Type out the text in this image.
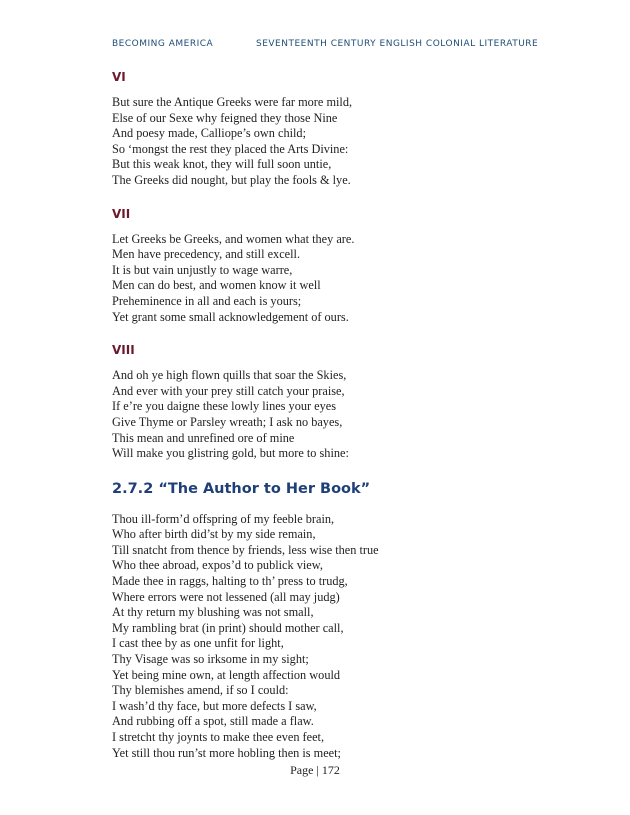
BECOMING AMERICA	SEVENTEENTH CENTURY ENGLISH COLONIAL LITERATURE
VI
But sure the Antique Greeks were far more mild,
Else of our Sexe why feigned they those Nine
And poesy made, Calliope’s own child;
So ‘mongst the rest they placed the Arts Divine:
But this weak knot, they will full soon untie,
The Greeks did nought, but play the fools & lye.
VII
Let Greeks be Greeks, and women what they are.
Men have precedency, and still excell.
It is but vain unjustly to wage warre,
Men can do best, and women know it well
Preheminence in all and each is yours;
Yet grant some small acknowledgement of ours.
VIII
And oh ye high flown quills that soar the Skies,
And ever with your prey still catch your praise,
If e’re you daigne these lowly lines your eyes
Give Thyme or Parsley wreath; I ask no bayes,
This mean and unrefined ore of mine
Will make you glistring gold, but more to shine:
2.7.2 “The Author to Her Book”
Thou ill-form’d offspring of my feeble brain,
Who after birth did’st by my side remain,
Till snatcht from thence by friends, less wise then true
Who thee abroad, expos’d to publick view,
Made thee in raggs, halting to th’ press to trudg,
Where errors were not lessened (all may judg)
At thy return my blushing was not small,
My rambling brat (in print) should mother call,
I cast thee by as one unfit for light,
Thy Visage was so irksome in my sight;
Yet being mine own, at length affection would
Thy blemishes amend, if so I could:
I wash’d thy face, but more defects I saw,
And rubbing off a spot, still made a flaw.
I stretcht thy joynts to make thee even feet,
Yet still thou run’st more hobling then is meet;
Page | 172
